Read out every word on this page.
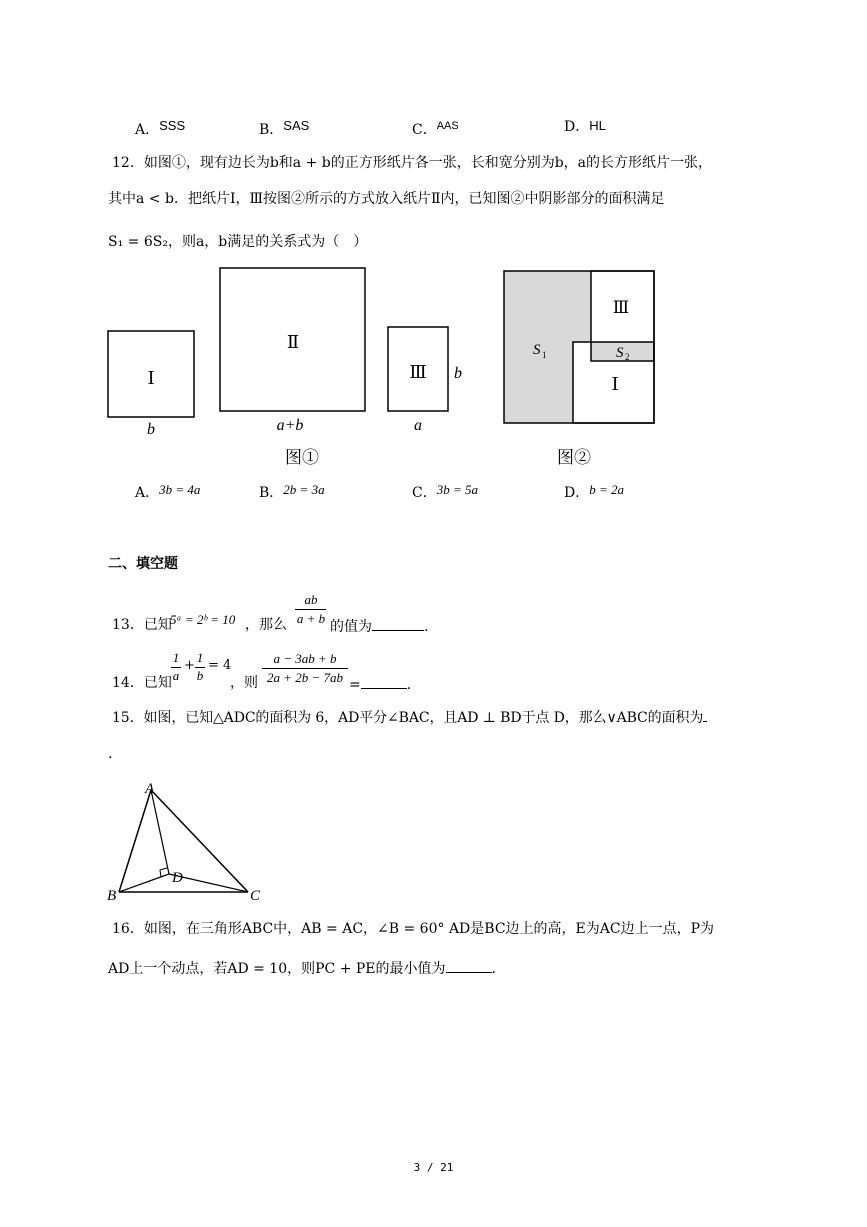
A．SSS	B．SAS	C．$^{AAS}$	D．HL
12．如图①，现有边长为b和a + b的正方形纸片各一张，长和宽分别为b，a的长方形纸片一张，
其中a < b．把纸片Ⅰ，Ⅲ按图②所示的方式放入纸片Ⅱ内，已知图②中阴影部分的面积满足
S₁ = 6S₂，则a，b满足的关系式为（　）
Ⅰ
b
Ⅱ
a+b
Ⅲ
a
b
图①
Ⅲ
Ⅰ
S 1	S 2
图②
A．3b = 4a	B．2b = 3a	C．3b = 5a	D．b = 2a
二、填空题
13．已知
5ᵃ = 2ᵇ = 10 ，那么
ab
a + b
的值为	.
14．已知
1
a
+
1
b
= 4
，则
a − 3ab + b
2a + 2b − 7ab =	.
15．如图，已知△ADC的面积为 6，AD平分∠BAC，且AD ⊥ BD于点 D，那么∨ABC的面积为
.
A
B	C
D
16．如图，在三角形ABC中，AB = AC，∠B = 60° AD是BC边上的高，E为AC边上一点，P为
AD上一个动点，若AD = 10，则PC + PE的最小值为	.
3 / 21
